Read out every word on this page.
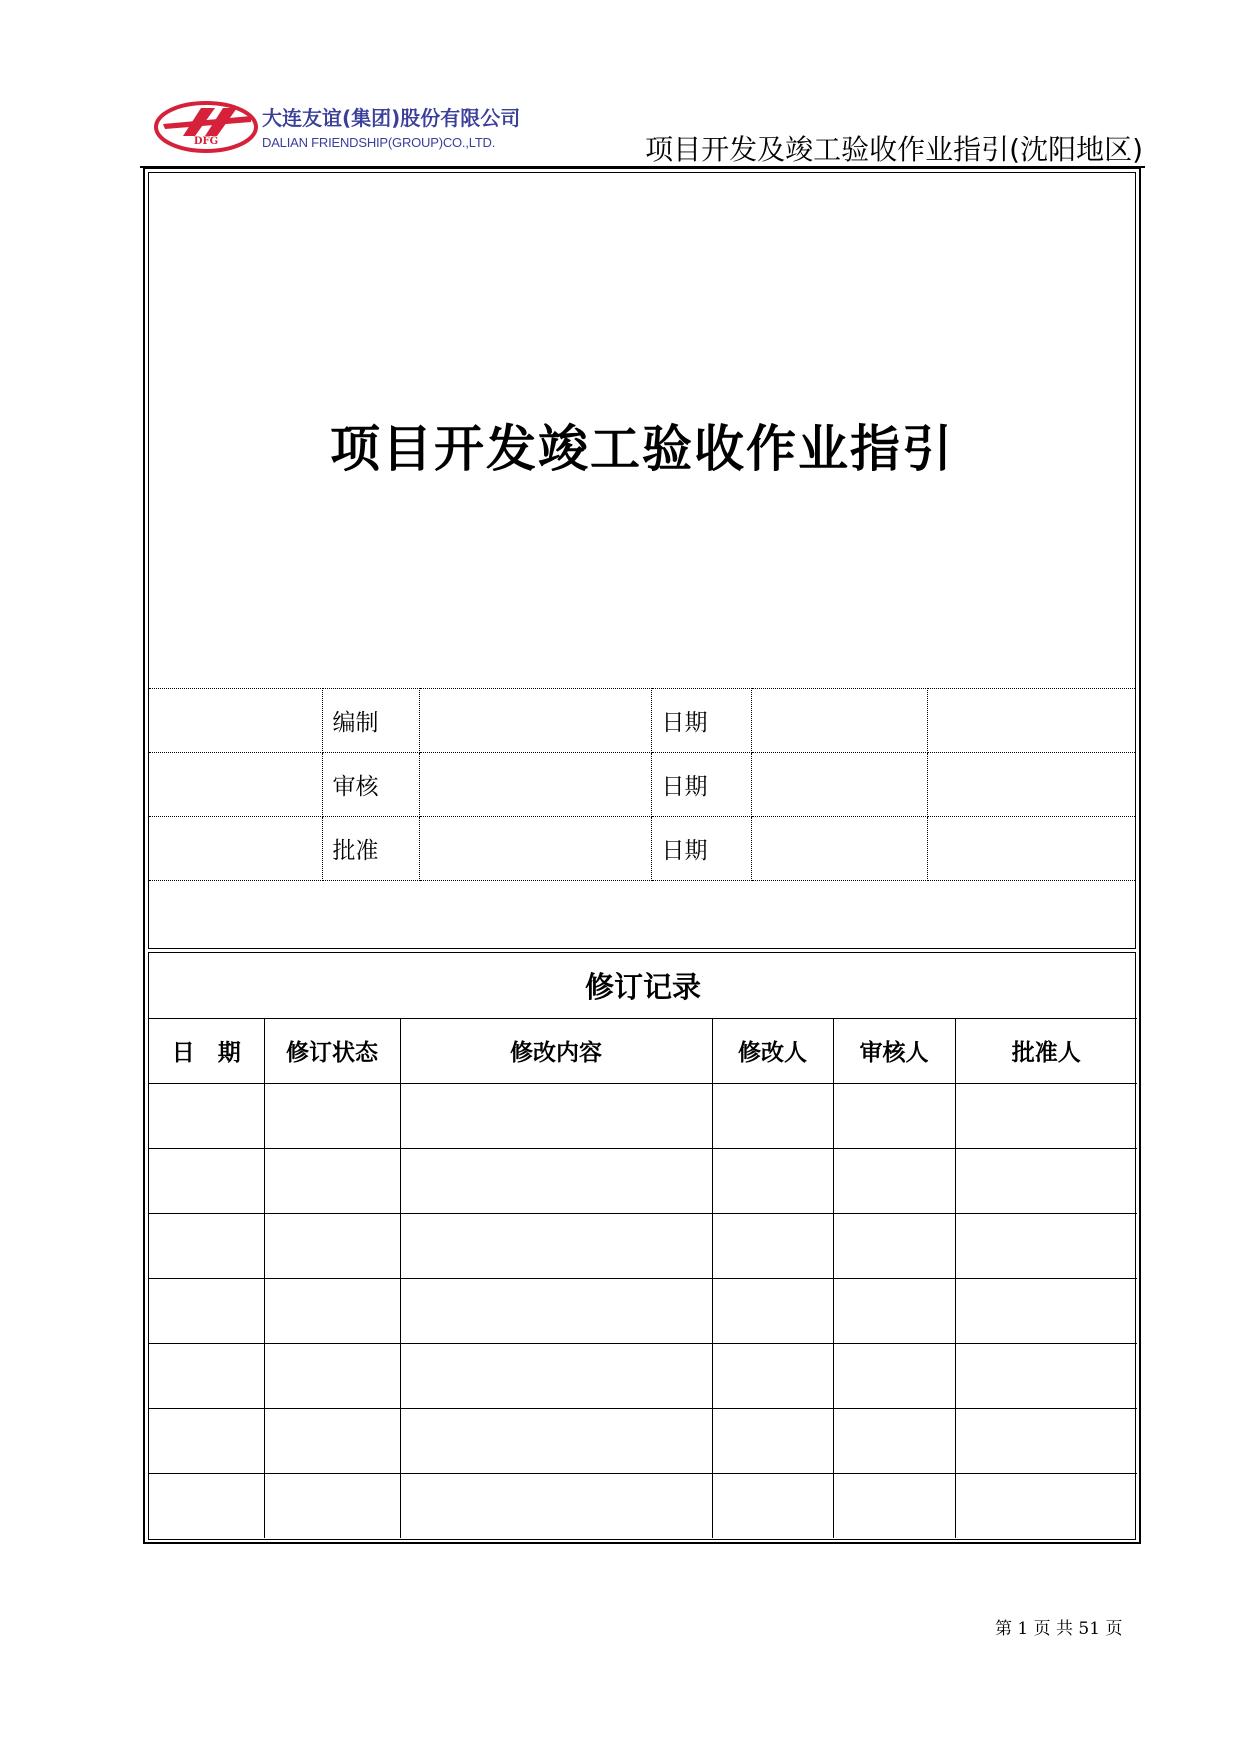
DFG
大连友谊(集团)股份有限公司
DALIAN FRIENDSHIP(GROUP)CO.,LTD.	项目开发及竣工验收作业指引(沈阳地区)
项目开发竣工验收作业指引
	编制		日期		
	审核		日期		
	批准		日期		

修订记录					
日　期	修订状态	修改内容	修改人	审核人	批准人

第 1 页 共 51 页
